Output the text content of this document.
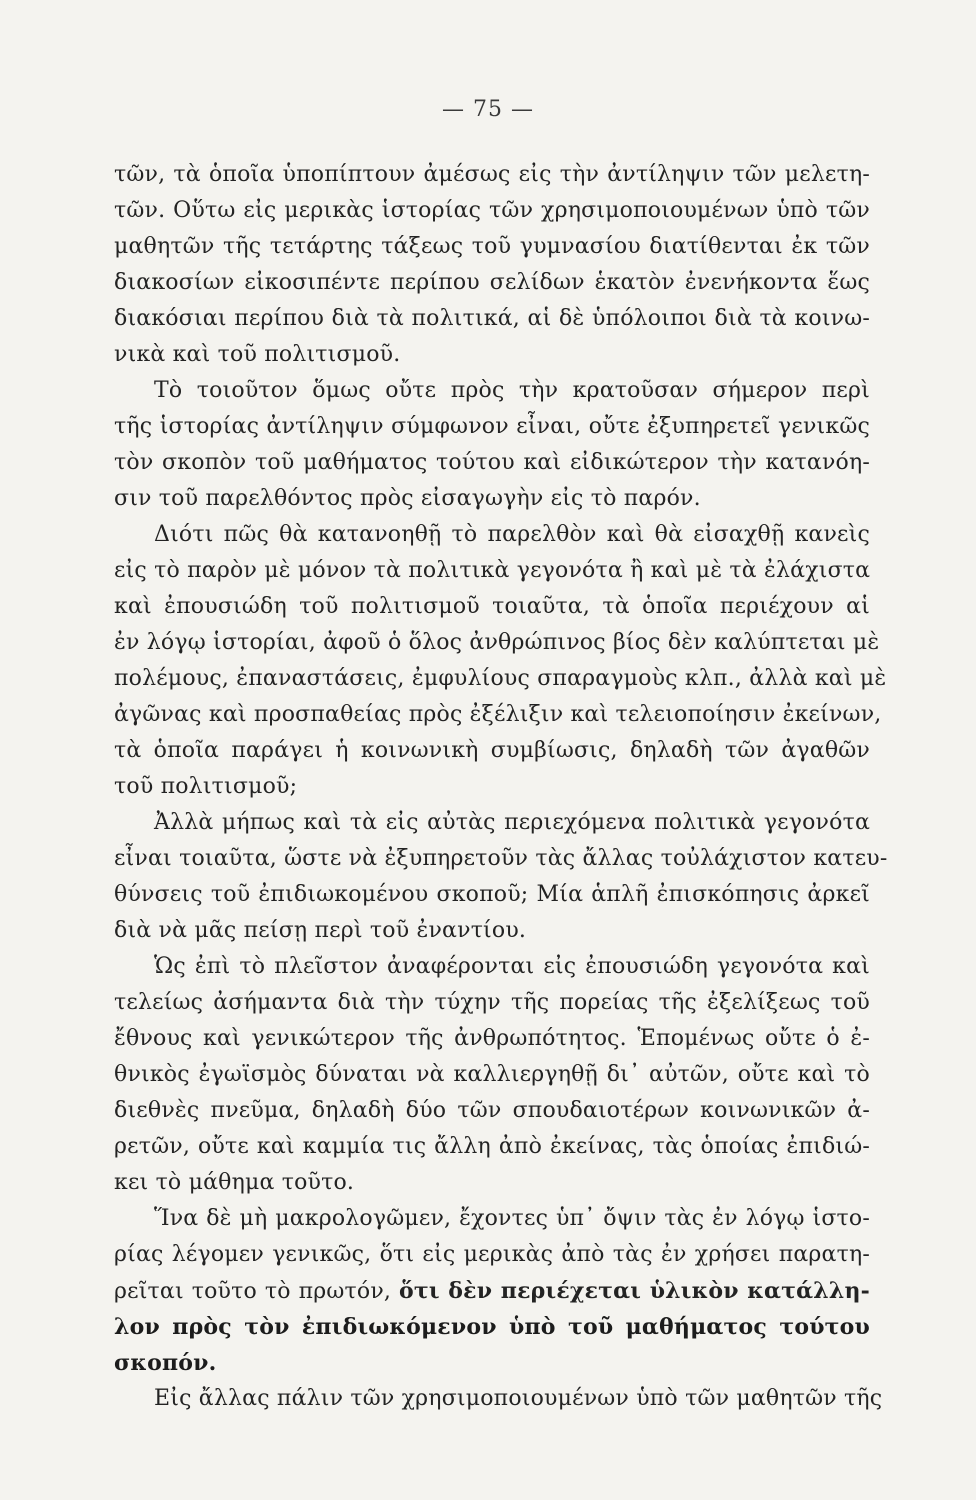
— 75 —
τῶν, τὰ ὁποῖα ὑποπίπτουν ἀμέσως εἰς τὴν ἀντίληψιν τῶν μελετη-
τῶν. Οὕτω εἰς μερικὰς ἱστορίας τῶν χρησιμοποιουμένων ὑπὸ τῶν
μαθητῶν τῆς τετάρτης τάξεως τοῦ γυμνασίου διατίθενται ἐκ τῶν
διακοσίων εἰκοσιπέντε περίπου σελίδων ἑκατὸν ἐνενήκοντα ἕως
διακόσιαι περίπου διὰ τὰ πολιτικά, αἱ δὲ ὑπόλοιποι διὰ τὰ κοινω-
νικὰ καὶ τοῦ πολιτισμοῦ.
Τὸ τοιοῦτον ὅμως οὔτε πρὸς τὴν κρατοῦσαν σήμερον περὶ
τῆς ἱστορίας ἀντίληψιν σύμφωνον εἶναι, οὔτε ἐξυπηρετεῖ γενικῶς
τὸν σκοπὸν τοῦ μαθήματος τούτου καὶ εἰδικώτερον τὴν κατανόη-
σιν τοῦ παρελθόντος πρὸς εἰσαγωγὴν εἰς τὸ παρόν.
Διότι πῶς θὰ κατανοηθῇ τὸ παρελθὸν καὶ θὰ εἰσαχθῇ κανεὶς
εἰς τὸ παρὸν μὲ μόνον τὰ πολιτικὰ γεγονότα ἢ καὶ μὲ τὰ ἐλάχιστα
καὶ ἐπουσιώδη τοῦ πολιτισμοῦ τοιαῦτα, τὰ ὁποῖα περιέχουν αἱ
ἐν λόγῳ ἱστορίαι, ἀφοῦ ὁ ὅλος ἀνθρώπινος βίος δὲν καλύπτεται μὲ
πολέμους, ἐπαναστάσεις, ἐμφυλίους σπαραγμοὺς κλπ., ἀλλὰ καὶ μὲ
ἀγῶνας καὶ προσπαθείας πρὸς ἐξέλιξιν καὶ τελειοποίησιν ἐκείνων,
τὰ ὁποῖα παράγει ἡ κοινωνικὴ συμβίωσις, δηλαδὴ τῶν ἀγαθῶν
τοῦ πολιτισμοῦ;
Ἀλλὰ μήπως καὶ τὰ εἰς αὐτὰς περιεχόμενα πολιτικὰ γεγονότα
εἶναι τοιαῦτα, ὥστε νὰ ἐξυπηρετοῦν τὰς ἄλλας τοὐλάχιστον κατευ-
θύνσεις τοῦ ἐπιδιωκομένου σκοποῦ; Μία ἁπλῆ ἐπισκόπησις ἀρκεῖ
διὰ νὰ μᾶς πείσῃ περὶ τοῦ ἐναντίου.
Ὡς ἐπὶ τὸ πλεῖστον ἀναφέρονται εἰς ἐπουσιώδη γεγονότα καὶ
τελείως ἀσήμαντα διὰ τὴν τύχην τῆς πορείας τῆς ἐξελίξεως τοῦ
ἔθνους καὶ γενικώτερον τῆς ἀνθρωπότητος. Ἑπομένως οὔτε ὁ ἐ-
θνικὸς ἐγωϊσμὸς δύναται νὰ καλλιεργηθῇ δι᾽ αὐτῶν, οὔτε καὶ τὸ
διεθνὲς πνεῦμα, δηλαδὴ δύο τῶν σπουδαιοτέρων κοινωνικῶν ἀ-
ρετῶν, οὔτε καὶ καμμία τις ἄλλη ἀπὸ ἐκείνας, τὰς ὁποίας ἐπιδιώ-
κει τὸ μάθημα τοῦτο.
Ἵνα δὲ μὴ μακρολογῶμεν, ἔχοντες ὑπ᾽ ὄψιν τὰς ἐν λόγῳ ἱστο-
ρίας λέγομεν γενικῶς, ὅτι εἰς μερικὰς ἀπὸ τὰς ἐν χρήσει παρατη-
ρεῖται τοῦτο τὸ πρωτόν, ὅτι δὲν περιέχεται ὑλικὸν κατάλλη-
λον πρὸς τὸν ἐπιδιωκόμενον ὑπὸ τοῦ μαθήματος τούτου
σκοπόν.
Εἰς ἄλλας πάλιν τῶν χρησιμοποιουμένων ὑπὸ τῶν μαθητῶν τῆς
